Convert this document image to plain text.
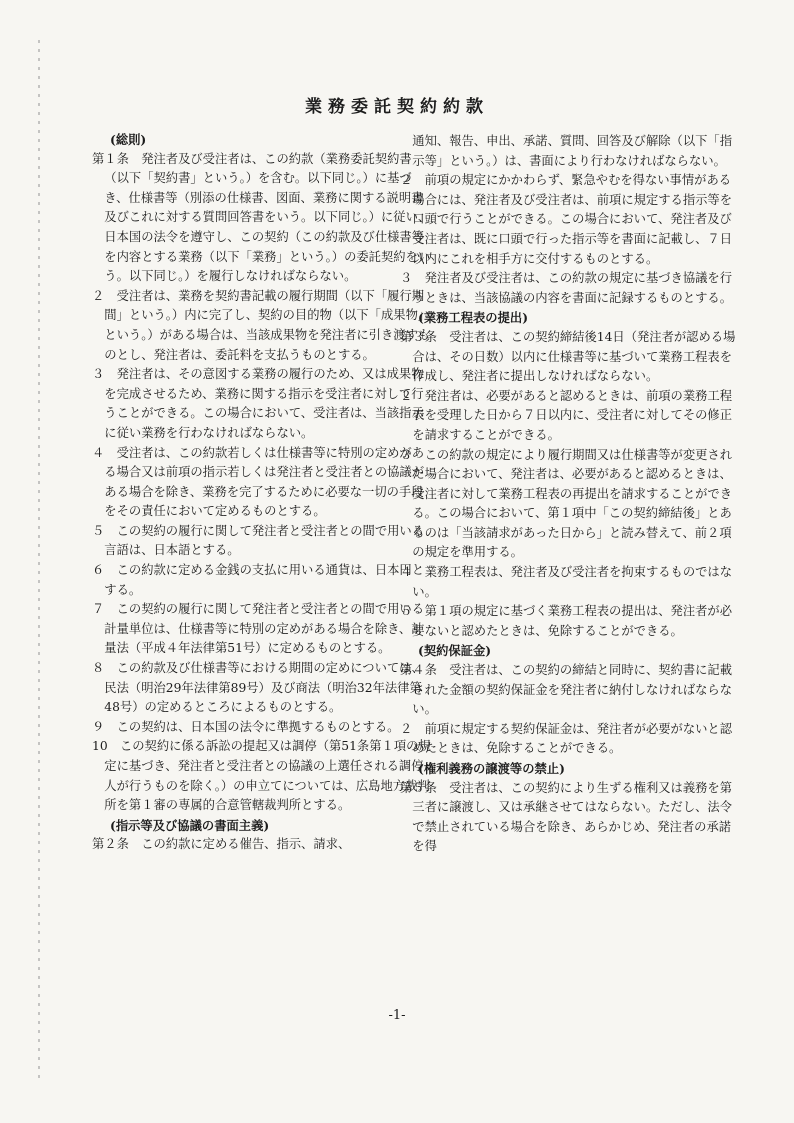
業務委託契約約款
(総則)
第１条　発注者及び受注者は、この約款（業務委託契約書（以下「契約書」という。）を含む。以下同じ。）に基づき、仕様書等（別添の仕様書、図面、業務に関する説明書及びこれに対する質問回答書をいう。以下同じ。）に従い、日本国の法令を遵守し、この契約（この約款及び仕様書等を内容とする業務（以下「業務」という。）の委託契約をいう。以下同じ。）を履行しなければならない。
２　受注者は、業務を契約書記載の履行期間（以下「履行期間」という。）内に完了し、契約の目的物（以下「成果物」という。）がある場合は、当該成果物を発注者に引き渡すものとし、発注者は、委託料を支払うものとする。
３　発注者は、その意図する業務の履行のため、又は成果物を完成させるため、業務に関する指示を受注者に対して行うことができる。この場合において、受注者は、当該指示に従い業務を行わなければならない。
４　受注者は、この約款若しくは仕様書等に特別の定めがある場合又は前項の指示若しくは発注者と受注者との協議がある場合を除き、業務を完了するために必要な一切の手段をその責任において定めるものとする。
５　この契約の履行に関して発注者と受注者との間で用いる言語は、日本語とする。
６　この約款に定める金銭の支払に用いる通貨は、日本円とする。
７　この契約の履行に関して発注者と受注者との間で用いる計量単位は、仕様書等に特別の定めがある場合を除き、計量法（平成４年法律第51号）に定めるものとする。
８　この約款及び仕様書等における期間の定めについては、民法（明治29年法律第89号）及び商法（明治32年法律第48号）の定めるところによるものとする。
９　この契約は、日本国の法令に準拠するものとする。
10　この契約に係る訴訟の提起又は調停（第51条第１項の規定に基づき、発注者と受注者との協議の上選任される調停人が行うものを除く。）の申立てについては、広島地方裁判所を第１審の専属的合意管轄裁判所とする。
(指示等及び協議の書面主義)
第２条　この約款に定める催告、指示、請求、
　通知、報告、申出、承諾、質問、回答及び解除（以下「指示等」という。）は、書面により行わなければならない。
２　前項の規定にかかわらず、緊急やむを得ない事情がある場合には、発注者及び受注者は、前項に規定する指示等を口頭で行うことができる。この場合において、発注者及び受注者は、既に口頭で行った指示等を書面に記載し、７日以内にこれを相手方に交付するものとする。
３　発注者及び受注者は、この約款の規定に基づき協議を行うときは、当該協議の内容を書面に記録するものとする。
(業務工程表の提出)
第３条　受注者は、この契約締結後14日（発注者が認める場合は、その日数）以内に仕様書等に基づいて業務工程表を作成し、発注者に提出しなければならない。
２　発注者は、必要があると認めるときは、前項の業務工程表を受理した日から７日以内に、受注者に対してその修正を請求することができる。
３　この約款の規定により履行期間又は仕様書等が変更された場合において、発注者は、必要があると認めるときは、受注者に対して業務工程表の再提出を請求することができる。この場合において、第１項中「この契約締結後」とあるのは「当該請求があった日から」と読み替えて、前２項の規定を準用する。
４　業務工程表は、発注者及び受注者を拘束するものではない。
５　第１項の規定に基づく業務工程表の提出は、発注者が必要ないと認めたときは、免除することができる。
(契約保証金)
第４条　受注者は、この契約の締結と同時に、契約書に記載された金額の契約保証金を発注者に納付しなければならない。
２　前項に規定する契約保証金は、発注者が必要がないと認めたときは、免除することができる。
(権利義務の譲渡等の禁止)
第５条　受注者は、この契約により生ずる権利又は義務を第三者に譲渡し、又は承継させてはならない。ただし、法令で禁止されている場合を除き、あらかじめ、発注者の承諾を得
-1-
